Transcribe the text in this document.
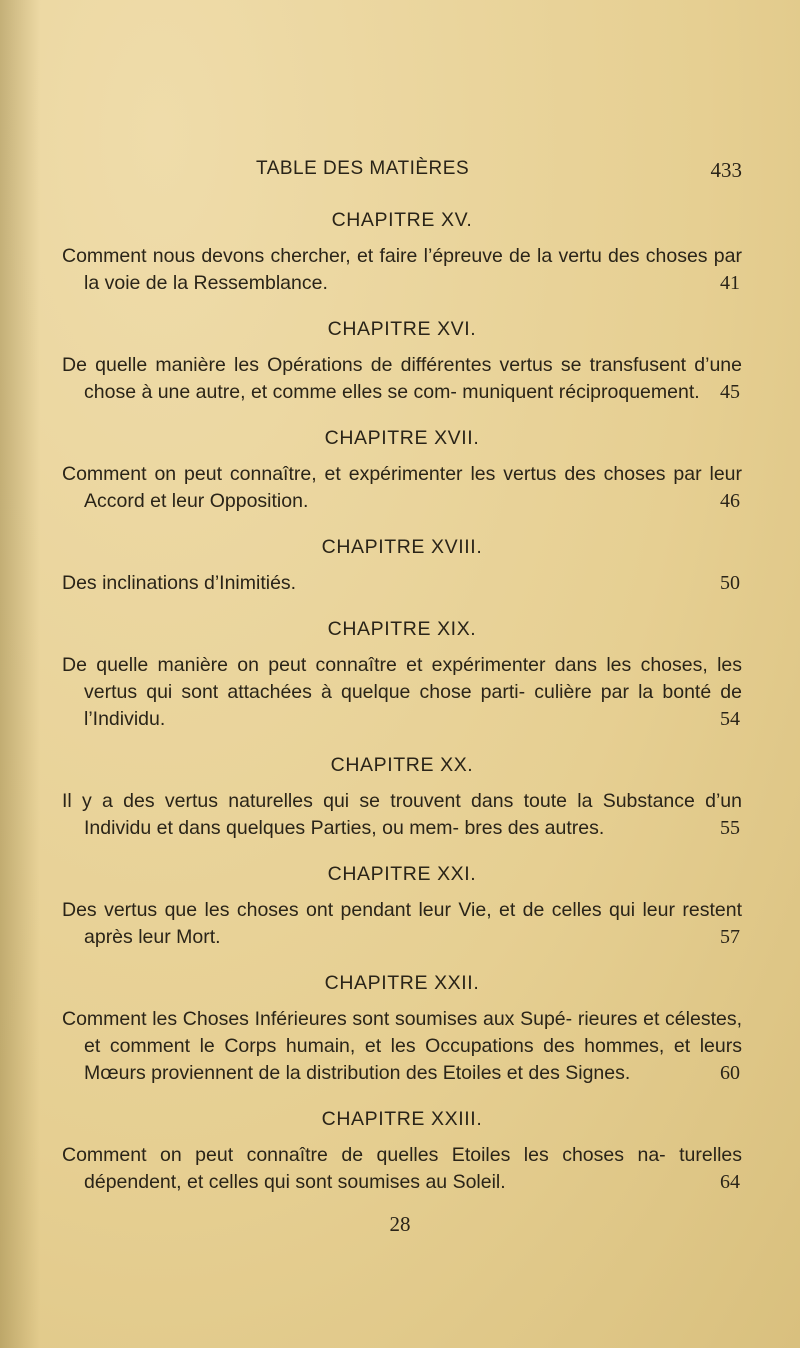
TABLE DES MATIÈRES	433
CHAPITRE XV.
Comment nous devons chercher, et faire l’épreuve de la vertu des choses par la voie de la Ressemblance.	41
CHAPITRE XVI.
De quelle manière les Opérations de différentes vertus se transfusent d’une chose à une autre, et comme elles se com- muniquent réciproquement. 45
CHAPITRE XVII.
Comment on peut connaître, et expérimenter les vertus des choses par leur Accord et leur Opposition.	46
CHAPITRE XVIII.
Des inclinations d’Inimitiés.	50
CHAPITRE XIX.
De quelle manière on peut connaître et expérimenter dans les choses, les vertus qui sont attachées à quelque chose parti- culière par la bonté de l’Individu.	54
CHAPITRE XX.
Il y a des vertus naturelles qui se trouvent dans toute la Substance d’un Individu et dans quelques Parties, ou mem- bres des autres.	55
CHAPITRE XXI.
Des vertus que les choses ont pendant leur Vie, et de celles qui leur restent après leur Mort.	57
CHAPITRE XXII.
Comment les Choses Inférieures sont soumises aux Supé- rieures et célestes, et comment le Corps humain, et les Occupations des hommes, et leurs Mœurs proviennent de la distribution des Etoiles et des Signes.	60
CHAPITRE XXIII.
Comment on peut connaître de quelles Etoiles les choses na- turelles dépendent, et celles qui sont soumises au Soleil.	64
28
